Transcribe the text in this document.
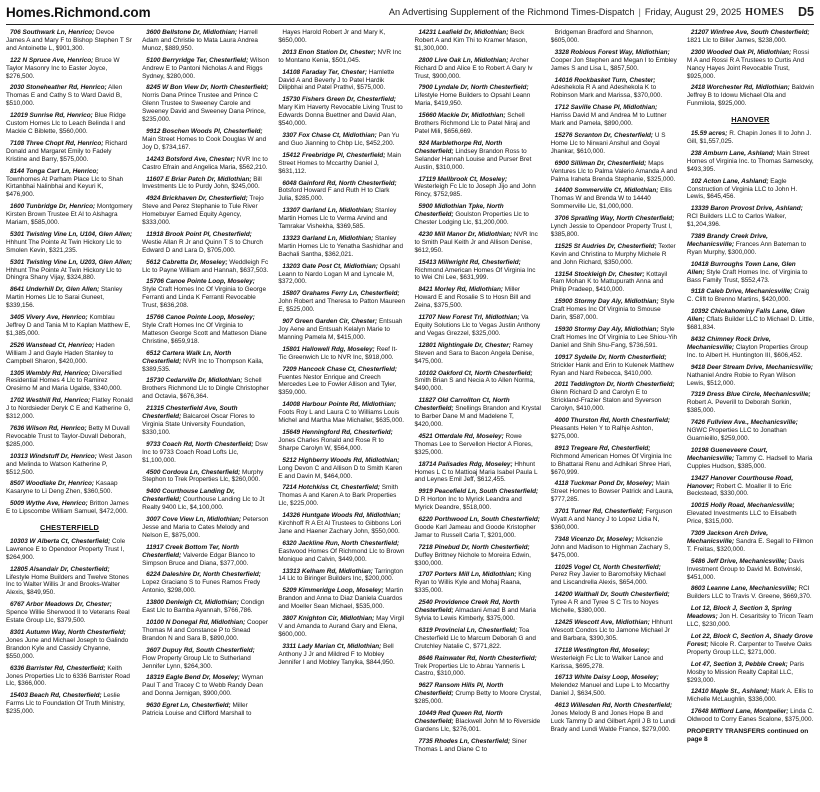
Homes.Richmond.com	An Advertising Supplement of the Richmond Times-Dispatch | Friday, August 29, 2025 HOMES D5
706 Southwark Ln, Henrico; Devoe James A and Mary F to Bishop Stephen T Sr and Antoinette L, $901,300.
122 N Spruce Ave, Henrico; Bruce W Taylor Masonry Inc to Easter Joyce, $276,500.
2030 Stoneheather Rd, Henrico; Allen Thomas E and Cathy S to Ward David B, $510,000.
12019 Sunrise Rd, Henrico; Blue Ridge Custom Homes Llc to Leach Belinda I and Mackie C Biblette, $560,000.
7108 Three Chopt Rd, Henrico; Richard Donald and Margaret Emily to Fadely Kristine and Barry, $575,000.
8144 Tonga Cart Ln, Henrico; Townhomes At Parham Place Llc to Shah Kirtanbhai Nalinbhai and Keyuri K, $476,900.
1600 Tunbridge Dr, Henrico; Montgomery Kirsten Brown Trustee Et Al to Alshagra Mariam, $585,000.
5301 Twisting Vine Ln, U104, Glen Allen; Hhhunt The Pointe At Twin Hickory Llc to Smolen Kevin, $321,235.
5301 Twisting Vine Ln, U203, Glen Allen; Hhhunt The Pointe At Twin Hickory Llc to Dhingra Shany Vijay, $324,880.
8641 Underhill Dr, Glen Allen; Stanley Martin Homes Llc to Sarai Guneet, $339,156.
3405 Vivery Ave, Henrico; Komblau Jeffrey D and Tania M to Kaplan Matthew E, $1,385,000.
2526 Wanstead Ct, Henrico; Haden William J and Gayle Haden Stanley to Campbell Sharon, $420,000.
1305 Wembly Rd, Henrico; Diversified Residential Homes 4 Llc to Ramirez Oresirno M and Maria Ugalde, $340,000.
1702 Westhill Rd, Henrico; Flatley Ronald J to Nordsieder Deryk C E and Katherine G, $312,000.
7636 Wilson Rd, Henrico; Betty M Duvall Revocable Trust to Taylor-Duvall Deborah, $285,000.
10313 Windstuff Dr, Henrico; West Jason and Melinda to Watson Katherine P, $512,500.
8507 Woodlake Dr, Henrico; Kasaap Kasaryne to Li Deng Zhen, $360,500.
5009 Wythe Ave, Henrico; Britton James E to Lipscombe William Samuel, $472,000.
CHESTERFIELD
10303 W Alberta Ct, Chesterfield; Cole Lawrence E to Opendoor Property Trust I, $264,900.
12805 Alsandair Dr, Chesterfield; Lifestyle Home Builders and Twelve Stones Inc to Walter Willis Jr and Brooks-Walter Alexis, $849,950.
6767 Arbor Meadows Dr, Chester; Spence Willie Sherwood II to Veterans Real Estate Group Llc, $379,500.
8301 Autumn Way, North Chesterfield; Jones June and Michael Joseph to Galindo Brandon Kyle and Cassidy Chyanne, $550,000.
6336 Barrister Rd, Chesterfield; Keith Jones Properties Llc to 6336 Barrister Road Llc, $366,000.
15403 Beach Rd, Chesterfield; Leslie Farms Llc to Foundation Of Truth Ministry, $235,000.
3600 Bellstone Dr, Midlothian; Harrell Adam and Christie to Mata Laura Andrea Munoz, $889,950.
5100 Berryridge Ter, Chesterfield; Wilson Andrew E to Pantoni Nicholas A and Riggs Sydney, $280,000.
8245 W Bon View Dr, North Chesterfield; Norris Dana Prince Trustee and Prince C Glenn Trustee to Sweeney Carole and Sweeney David and Sweeney Dana Prince, $235,000.
9912 Boschen Woods Pl, Chesterfield; Main Street Homes to Cook Douglas W and Joy D, $734,167.
14243 Botsford Ave, Chester; NVR Inc to Castro Efrain and Angelica Maria, $562,210.
11607 E Briar Patch Dr, Midlothian; Bill Investments Llc to Purdy John, $245,000.
4924 Brickhaven Dr, Chesterfield; Trejo Steve and Perez Stephanie to Tule River Homebuyer Earned Equity Agency, $333,000.
11918 Brook Point Pl, Chesterfield; Westie Allan R Jr and Quinn T S to Church Edward D and Lara D, $705,000.
5612 Cabretta Dr, Moseley; Weddleigh Fc Llc to Payne William and Hannah, $637,503.
15706 Canoe Pointe Loop, Moseley; Style Craft Homes Inc Of Virginia to George Ferranti and Linda K Ferranti Revocable Trust, $636,208.
15766 Canoe Pointe Loop, Moseley; Style Craft Homes Inc Of Virginia to Matteson George Scott and Matteson Diane Christine, $659,918.
6512 Cartera Walk Ln, North Chesterfield; NVR Inc to Thompson Kaila, $389,535.
15730 Cedarville Dr, Midlothian; Schell Brothers Richmond Llc to Dingle Christopher and Octavia, $676,364.
21315 Chesterfield Ave, South Chesterfield; Balcarcel Oscar Flores to Virginia State University Foundation, $330,100.
9733 Coach Rd, North Chesterfield; Dsw Inc to 9733 Coach Road Lofts Llc, $1,100,000.
4500 Cordova Ln, Chesterfield; Murphy Stephon to Trek Properties Llc, $260,000.
9400 Courthouse Landing Dr, Chesterfield; Courthouse Landing Llc to Jt Realty 9400 Llc, $4,100,000.
3007 Cove View Ln, Midlothian; Peterson Jesse and Maria to Cates Melody and Nelson E, $875,000.
11917 Creek Bottom Ter, North Chesterfield; Valverde Edgar Blanco to Simpson Bruce and Diana, $377,000.
6224 Daleshire Dr, North Chesterfield; Lopez Graciano S to Funes Ramos Fredy Antonio, $298,000.
13800 Denleigh Ct, Midlothian; Condign East Llc to Bamba Ayannah, $766,786.
10100 N Donegal Rd, Midlothian; Cooper Thomas M and Constance P to Snead Brandon N and Sara B, $890,000.
3607 Dupuy Rd, South Chesterfield; Flow Property Group Llc to Sutherland Jennifer Lynn, $264,300.
18319 Eagle Bend Dr, Moseley; Wyman Paul T and Tracey C to Webb Randy Dean and Donna Jernigan, $900,000.
9630 Egret Ln, Chesterfield; Miller Patricia Louise and Clifford Marshall to
Hayes Harold Robert Jr and Mary K, $650,000.
2013 Enon Station Dr, Chester; NVR Inc to Montano Kenia, $501,045.
14108 Faraday Ter, Chester; Hamlette David A and Beverly J to Patel Hardik Dilipbhai and Patel Prathvi, $575,000.
15730 Fishers Green Dr, Chesterfield; Mary Kim Haverty Revocable Living Trust to Edwards Donna Buettner and David Alan, $540,000.
3307 Fox Chase Ct, Midlothian; Pan Yu and Guo Jianning to Chbp Llc, $452,200.
15412 Freebridge Pl, Chesterfield; Main Street Homes to Mccarthy Daniel J, $631,112.
6048 Gainford Rd, North Chesterfield; Botsford Howard F and Ruth H to Clark Julia, $285,000.
13307 Garland Ln, Midlothian; Stanley Martin Homes Llc to Verma Arvind and Tamrakar Vishekha, $369,585.
13323 Garland Ln, Midlothian; Stanley Martin Homes Llc to Yenatha Sashidhar and Bachali Santha, $362,021.
13203 Gate Post Ct, Midlothian; Opsahl Leann to Nardo Logan M and Lyncale M, $372,000.
15807 Grahams Ferry Ln, Chesterfield; John Robert and Theresa to Patton Maureen E, $525,000.
907 Green Garden Cir, Chester; Entsuah Joy Aene and Entsuah Kelalyn Marie to Manning Pamela M, $415,000.
15801 Hallowell Rdg, Moseley; Reef It-Tic Greenwich Llc to NVR Inc, $918,000.
7209 Hancock Chase Ct, Chesterfield; Fuentes Nestor Enrique and Creech Mercedes Lee to Fowler Allison and Tyler, $359,000.
14008 Harbour Pointe Rd, Midlothian; Foots Roy L and Laura C to Williams Louis Michel and Martha Mae Michaller, $635,000.
15649 Henningford Rd, Chesterfield; Jones Charles Ronald and Rose R to Sharpe Carolyn W, $564,000.
5212 Highberry Woods Rd, Midlothian; Long Devon C and Allison D to Smith Karen E and Davin M, $464,000.
7214 Hotchkiss Ct, Chesterfield; Smith Thomas A and Karen A to Bark Properties Llc, $225,000.
14326 Huntgate Woods Rd, Midlothian; Kirchhoff R A Et Al Trustees to Gibbons Lori Jane and Haener Zachary John, $550,000.
6320 Jackline Run, North Chesterfield; Eastwood Homes Of Richmond Llc to Brown Monique and Calvin, $449,000.
13313 Kelham Rd, Midlothian; Tarrington 14 Llc to Biringer Builders Inc, $200,000.
5209 Kimmeridge Loop, Moseley; Martin Brandon and Anna to Diaz Daniela Cuardos and Moeller Sean Michael, $535,000.
3807 Knighton Cir, Midlothian; May Virgil V and Amanda to Aurand Gary and Elena, $600,000.
3311 Lady Marian Ct, Midlothian; Bell Anthony J Jr and Mildred F to Mobley Jennifer I and Mobley Tanyika, $844,950.
14231 Leafield Dr, Midlothian; Beck Robert A and Kim Thi to Kramer Mason, $1,300,000.
2800 Live Oak Ln, Midlothian; Archer Richard D and Alice E to Robert A Gary Iv Trust, $900,000.
7900 Lyndale Dr, North Chesterfield; Lifestyle Home Builders to Opsahl Leann Maria, $419,950.
15660 Mackie Dr, Midlothian; Schell Brothers Richmond Llc to Patel Niraj and Patel Mili, $656,669.
924 Marblethorpe Rd, North Chesterfield; Lindsey Brandon Ross to Selander Hannah Louise and Purser Bret Austin, $310,000.
17119 Mellbrook Ct, Moseley; Westerleigh Fc Llc to Joseph Jijo and John Rincy, $752,985.
5900 Midlothian Tpke, North Chesterfield; Goulston Properties Llc to Chester Lodging Llc, $1,200,000.
4230 Mill Manor Dr, Midlothian; NVR Inc to Smith Paul Keith Jr and Allison Denise, $612,950.
15413 Millwright Rd, Chesterfield; Richmond American Homes Of Virginia Inc to Wei Chi Lee, $631,999.
8421 Morley Rd, Midlothian; Miller Howard E and Rosalie S to Hosn Bill and Zeina, $375,500.
11707 New Forest Trl, Midlothian; Va Equity Solutions Llc to Vegas Justin Anthony and Vegas Grezzel, $325,000.
12801 Nightingale Dr, Chester; Ramey Steven and Sara to Bacon Angela Denise, $475,000.
10102 Oakford Ct, North Chesterfield; Smith Brian S and Necia A to Allen Norma, $490,000.
11827 Old Carrollton Ct, North Chesterfield; Snellings Brandon and Krystal to Barber Dane M and Madelene T, $420,000.
4521 Otterdale Rd, Moseley; Rowe Thomas Lee to Servellon Hector A Flores, $325,000.
18714 Palisades Rdg, Moseley; Hhhunt Homes L C to Mattioaj Maria Isabel Paula L and Leynes Emil Jeff, $612,455.
9919 Peacefield Ln, South Chesterfield; D R Horton Inc to Myrick Leandra and Myrick Deandre, $518,000.
6220 Porthwood Ln, South Chesterfield; Goode Karl Jameau and Goode Kristopher Jamar to Russell Carla T, $201,000.
7218 Pinebud Dr, North Chesterfield; Duffey Brittney Nichole to Moreira Edwin, $300,000.
1707 Porters Mill Ln, Midlothian; King Ryan to Willis Kyle and Mohaj Raana, $335,000.
2540 Providence Creek Rd, North Chesterfield; Almadani Amad B and Maria Sylvia to Lewis Kimberly, $375,000.
6319 Provincial Ln, Chesterfield; Toa Chesterfield Llc to Marcum Deborah G and Crutchley Natalie C, $771,822.
8646 Rainwater Rd, North Chesterfield; Trek Properties Llc to Abrau Yanneris L Castro, $310,000.
9627 Ransom Hills Pl, North Chesterfield; Crump Betty to Moore Crystal, $285,000.
10449 Red Queen Rd, North Chesterfield; Blackwell John M to Riverside Gardens Llc, $276,001.
7735 Rhodes Ln, Chesterfield; Siner Thomas L and Diane C to
Bridgeman Bradford and Shannon, $605,000.
3328 Robious Forest Way, Midlothian; Cooper Jon Stephen and Megan I to Embley James S and Lisa L, $857,500.
14016 Rockbasket Turn, Chester; Adeshekola R A and Adeshekola K to Robinson Mark and Marissa, $370,000.
1712 Saville Chase Pl, Midlothian; Harriss David M and Andrea M to Luttner Mark and Pamela, $890,000.
15276 Scranton Dr, Chesterfield; U S Home Llc to Nirwani Anshul and Goyal Jhankar, $610,000.
6900 Silliman Dr, Chesterfield; Maps Ventures Llc to Palma Valerio Amanda A and Palma Iraheta Brenda Stephanie, $325,000.
14400 Sommerville Ct, Midlothian; Ellis Thomas W and Brenda W to 14440 Sommerville Llc, $1,000,000.
3706 Spratling Way, North Chesterfield; Lynch Jessie to Opendoor Property Trust I, $385,800.
11525 St Audries Dr, Chesterfield; Texter Kevin and Christina to Murphy Michele R and John Richard, $350,000.
13154 Stockleigh Dr, Chester; Kottayil Ram Mohan K to Mattupurath Anna and Philip Pradeep, $410,000.
15900 Stormy Day Aly, Midlothian; Style Craft Homes Inc Of Virginia to Smouse Darin, $587,000.
15930 Stormy Day Aly, Midlothian; Style Craft Homes Inc Of Virginia to Lee Shiou-Yih Daniel and Shih Shu-Fang, $736,591.
10917 Sydelle Dr, North Chesterfield; Strickler Hank and Erin to Kulenek Matthew Ryan and Nard Rebecca, $410,000.
2011 Teddington Dr, North Chesterfield; Glenn Richard D and Carolyn E to Strickland-Frazier Stalon and Syverson Carolyn, $410,000.
4000 Thurston Rd, North Chesterfield; Pleasants Helen Y to Ralhje Ashton, $275,000.
8913 Tregeare Rd, Chesterfield; Richmond American Homes Of Virginia Inc to Bhattarai Renu and Adhikari Shree Hari, $670,999.
4118 Tuckmar Pond Dr, Moseley; Main Street Homes to Bowser Patrick and Laura, $777,285.
3701 Turner Rd, Chesterfield; Ferguson Wyatt A and Nancy J to Lopez Lidia N, $360,000.
7348 Vicenzo Dr, Moseley; Mckenzie John and Madison to Highman Zachary S, $475,000.
11025 Vogel Ct, North Chesterfield; Perez Rey Javier to Baromofsky Michael and Liscandrella Alexis, $654,000.
14200 Walthall Dr, South Chesterfield; Tyree A R and Tyree S C Trs to Noyes Michelle, $380,000.
12425 Wescott Ave, Midlothian; Hhhunt Wescott Condos Llc to Jamone Michael Jr and Barbara, $390,305.
17118 Westington Rd, Moseley; Westerleigh Fc Llc to Walker Lance and Karissa, $695,278.
16713 White Daisy Loop, Moseley; Melendez Manuel and Lupe L to Mccarthy Daniel J, $634,500.
4613 Willesden Rd, North Chesterfield; Jones Melody B and Jones Hope B and Luck Tammy D and Gilbert April J B to Lundi Brady and Lundi Walde France, $279,000.
21207 Winfree Ave, South Chesterfield; 1821 Llc to Biller James, $238,000.
2300 Wooded Oak Pl, Midlothian; Rossi M A and Rossi R A Trustees to Curtis And Nancy Hayes Joint Revocable Trust, $925,000.
2418 Worchester Rd, Midlothian; Baldwin Jeffrey B to Idowu Michael Ola and Funmilola, $925,000.
HANOVER
15.59 acres; R. Chapin Jones II to John J. Gill, $1,557,025.
238 Amburn Lane, Ashland; Main Street Homes of Virginia Inc. to Thomas Samescky, $493,395.
102 Acton Lane, Ashland; Eagle Construction of Virginia LLC to John H. Lewis, $645,456.
13339 Baron Provost Drive, Ashland; RCI Builders LLC to Carlos Walker, $1,204,396.
7389 Brandy Creek Drive, Mechanicsville; Frances Ann Bateman to Ryan Murphy, $300,000.
10418 Burroughs Town Lane, Glen Allen; Style Craft Homes Inc. of Virginia to Bass Family Trust, $552,473.
9118 Caleb Drive, Mechanicsville; Craig C. Clift to Brenno Martins, $420,000.
10392 Chickahominy Falls Lane, Glen Allen; Cflats Builder LLC to Michael D. Little, $681,834.
8432 Chimney Rock Drive, Mechanicsville; Clayton Properties Group Inc. to Albert H. Huntington III, $606,452.
9418 Deer Stream Drive, Mechanicsville; Nathaniel Andre Robie to Ryan Wilson Lewis, $512,000.
7319 Dress Blue Circle, Mechanicsville; Robert A. Peverill to Deborah Sorkin, $385,000.
7426 Fullview Ave., Mechanicsville; NGWC Properties LLC to Jonathan Guarnieillo, $259,000.
10198 Gueneveere Court, Mechanicsville; Tammy C. Hadsell to Maria Cupples Hudson, $385,000.
13427 Hanover Courthouse Road, Hanover; Robert C. Moaller II to Eric Beckstead, $330,000.
10015 Holly Road, Mechanicsville; Elevated Investments LLC to Elisabeth Price, $315,000.
7309 Jackson Arch Drive, Mechanicsville; Sandra E. Segall to Fillmon T. Freitas, $320,000.
5486 Jeff Drive, Mechanicsville; Davis Investment Group to David M. Botwinski, $451,000.
8603 Leanne Lane, Mechanicsville; RCI Builders LLC to Travis V. Greene, $669,370.
Lot 12, Block J, Section 3, Spring Meadows; Jon H. Cesaritsky to Tricon Team LLC, $230,000.
Lot 22, Block C, Section A, Shady Grove Forest; Nicole R. Carpenter to Twelve Oaks Property Group LLC, $271,000.
Lot 47, Section 3, Pebble Creek; Paris Mosby to Mission Realty Capital LLC, $293,000.
12410 Maple St., Ashland; Mark A. Ellis to Michelle McLaughlin, $336,000.
17648 Mifflord Lane, Montpelier; Linda C. Oldwood to Corry Eanes Scalone, $375,000.
PROPERTY TRANSFERS continued on page 8
